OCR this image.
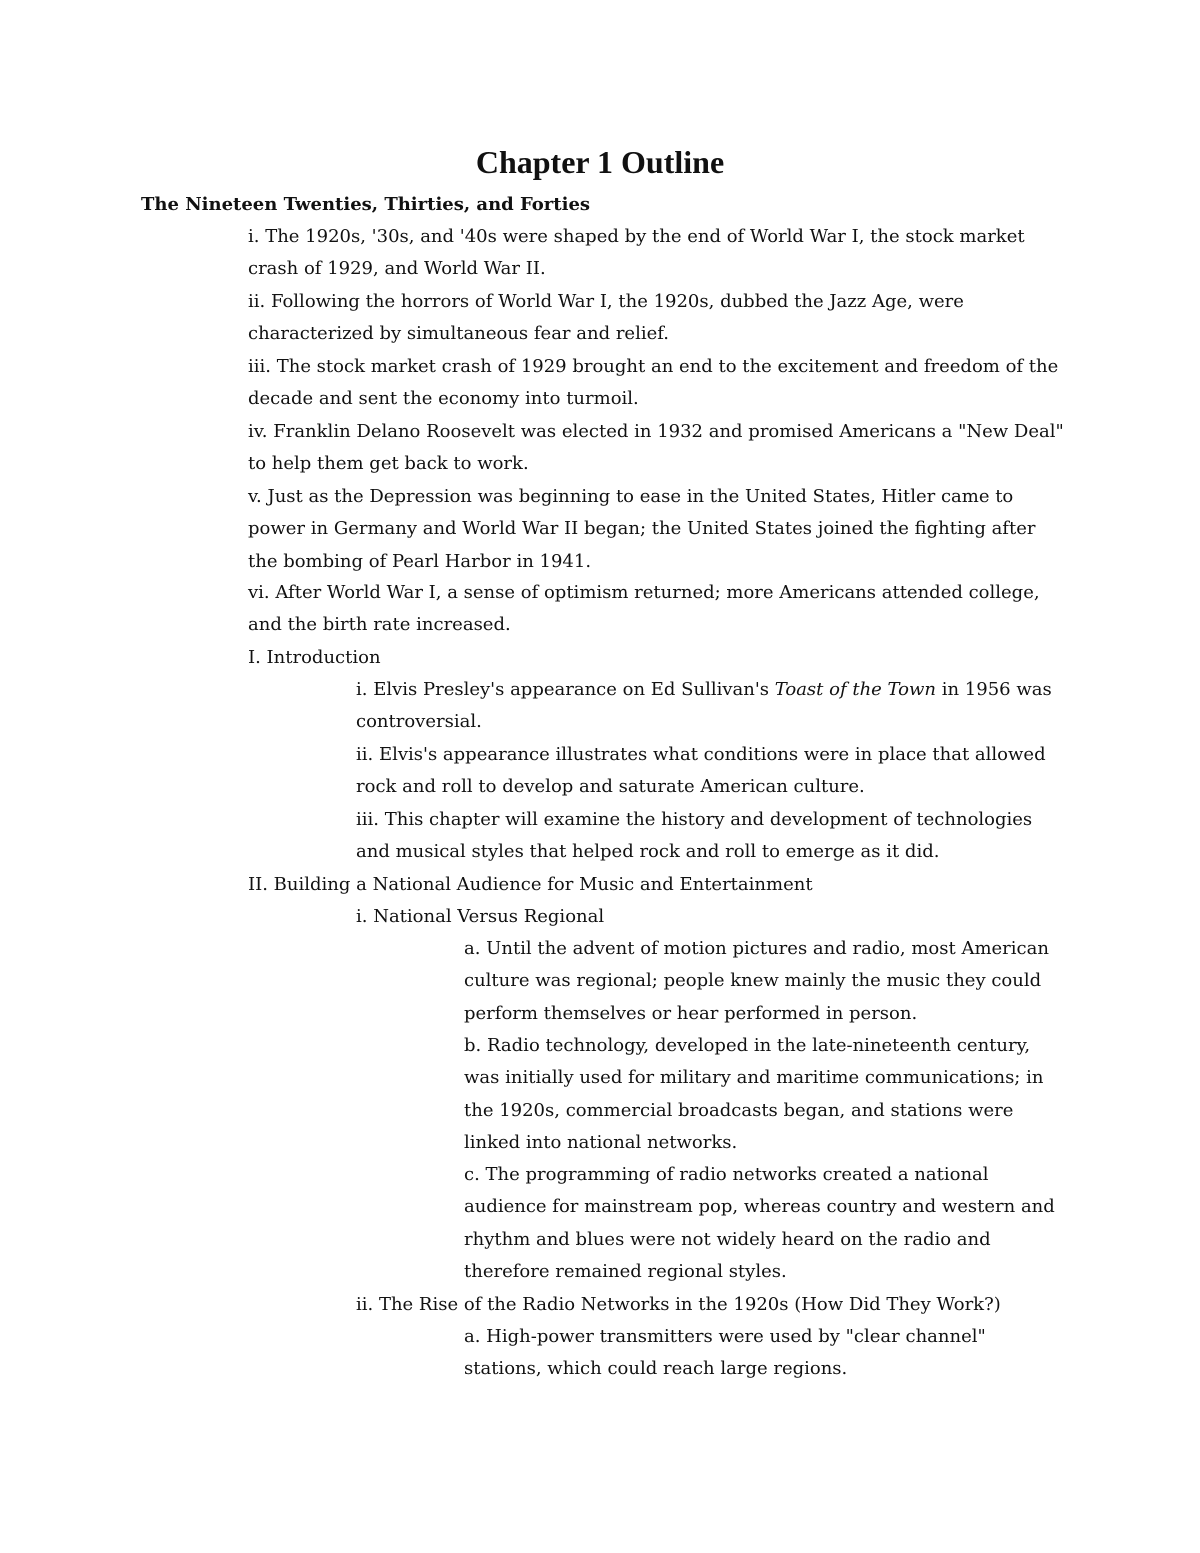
Chapter 1 Outline

The Nineteen Twenties, Thirties, and Forties

i. The 1920s, '30s, and '40s were shaped by the end of World War I, the stock market crash of 1929, and World War II.

ii. Following the horrors of World War I, the 1920s, dubbed the Jazz Age, were characterized by simultaneous fear and relief.

iii. The stock market crash of 1929 brought an end to the excitement and freedom of the decade and sent the economy into turmoil.

iv. Franklin Delano Roosevelt was elected in 1932 and promised Americans a "New Deal" to help them get back to work.

v. Just as the Depression was beginning to ease in the United States, Hitler came to power in Germany and World War II began; the United States joined the fighting after the bombing of Pearl Harbor in 1941.

vi. After World War I, a sense of optimism returned; more Americans attended college, and the birth rate increased.

I. Introduction

i. Elvis Presley's appearance on Ed Sullivan's Toast of the Town in 1956 was controversial.

ii. Elvis's appearance illustrates what conditions were in place that allowed rock and roll to develop and saturate American culture.

iii. This chapter will examine the history and development of technologies and musical styles that helped rock and roll to emerge as it did.

II. Building a National Audience for Music and Entertainment

i. National Versus Regional

a. Until the advent of motion pictures and radio, most American culture was regional; people knew mainly the music they could perform themselves or hear performed in person.

b. Radio technology, developed in the late-nineteenth century, was initially used for military and maritime communications; in the 1920s, commercial broadcasts began, and stations were linked into national networks.

c. The programming of radio networks created a national audience for mainstream pop, whereas country and western and rhythm and blues were not widely heard on the radio and therefore remained regional styles.

ii. The Rise of the Radio Networks in the 1920s (How Did They Work?)

a. High-power transmitters were used by "clear channel" stations, which could reach large regions.
